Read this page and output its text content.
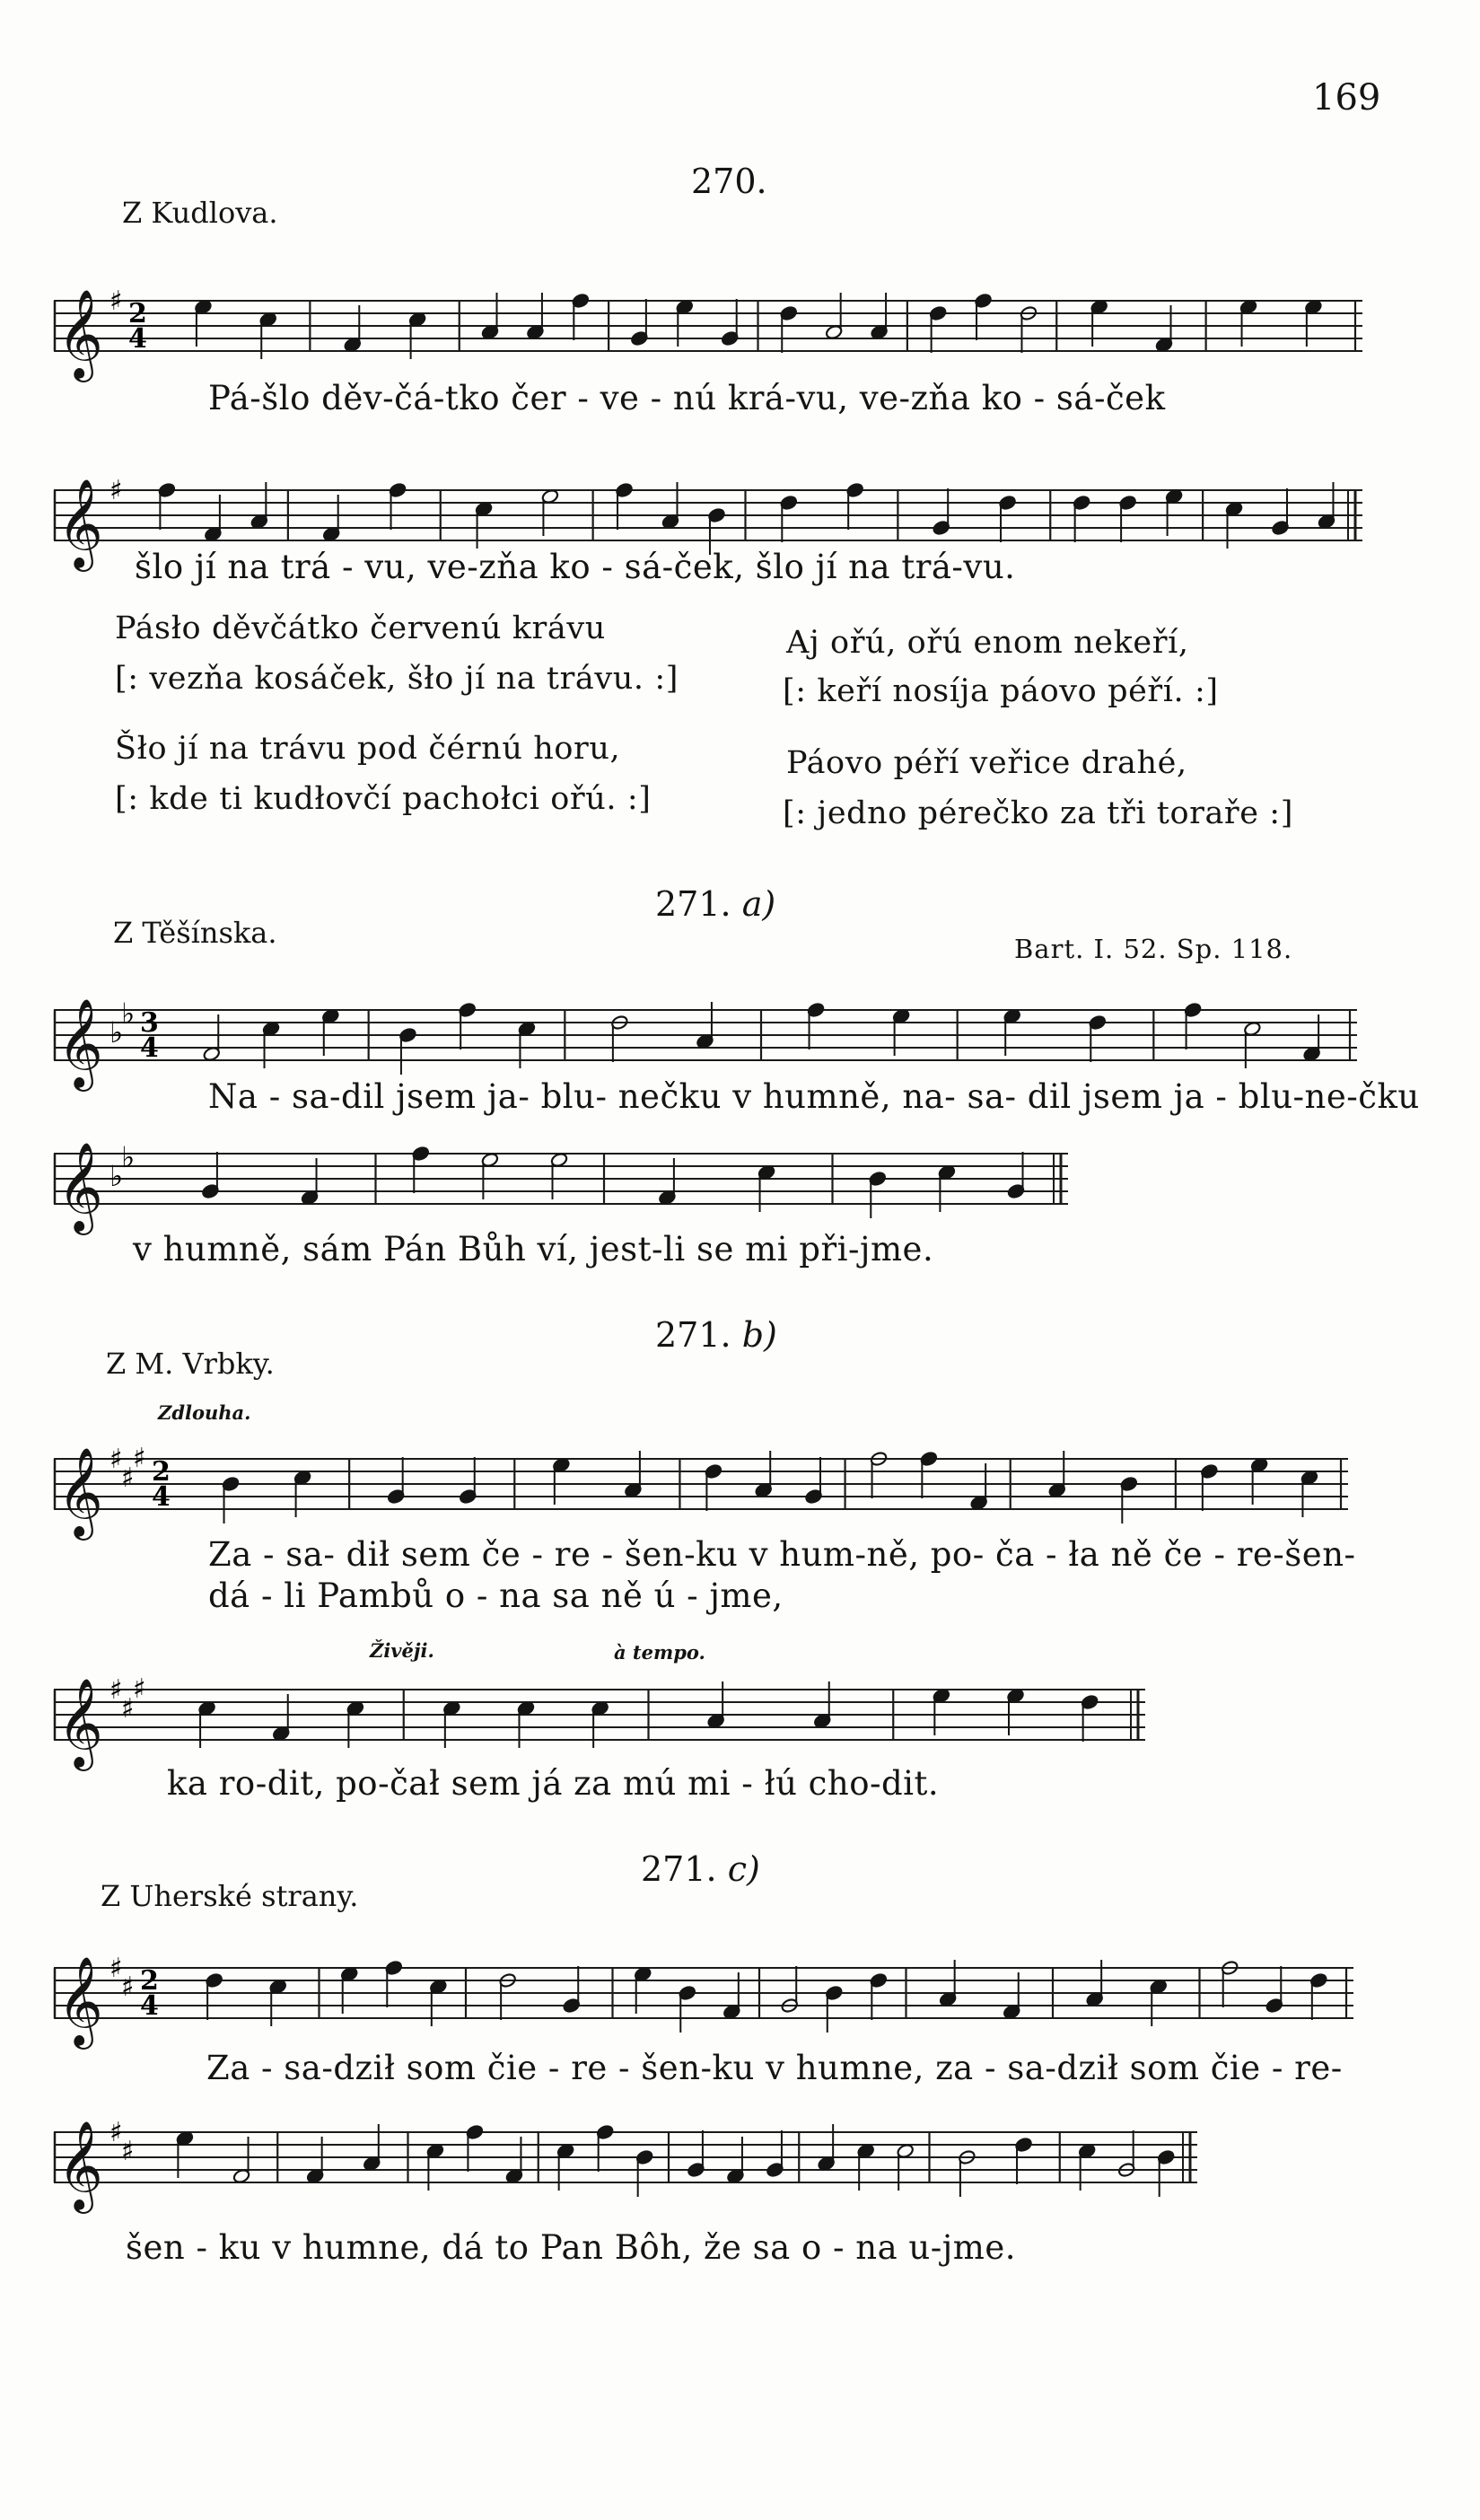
169
270.
Z Kudlova.
𝄞 ♯ 2
4
Pá-šlo děv-čá-tko čer - ve - nú krá-vu, ve-zňa ko - sá-ček
𝄞 ♯
šlo jí na trá - vu, ve-zňa ko - sá-ček, šlo jí na trá-vu.
Pásło děvčátko červenú krávu
[: vezňa kosáček, šło jí na trávu. :]
Šło jí na trávu pod čérnú horu,
[: kde ti kudłovčí pachołci ořú. :]
Aj ořú, ořú enom nekeří,
[: keří nosíja páovo péří. :]
Páovo péří veřice drahé,
[: jedno pérečko za tři toraře :]
271. a)
Z Těšínska.	Bart. I. 52. Sp. 118.
𝄞 ♭
♭ 3
4
Na - sa-dil jsem ja- blu- nečku v humně, na- sa- dil jsem ja - blu-ne-čku
𝄞 ♭
♭
v humně, sám Pán Bůh ví, jest-li se mi při-jme.
271. b)
Z M. Vrbky.
Zdlouha.
𝄞 ♯
♯
♯ 2
4
Za - sa- dił sem če - re - šen-ku v hum-ně, po- ča - ła ně če - re-šen-
dá - li Pambů o - na sa ně ú - jme,
Živěji.	à tempo.
𝄞 ♯
♯
♯
ka ro-dit, po-čał sem já za mú mi - łú cho-dit.
271. c)
Z Uherské strany.
𝄞 ♯
♯ 2
4
Za - sa-dził som čie - re - šen-ku v humne, za - sa-dził som čie - re-
𝄞 ♯
♯
šen - ku v humne, dá to Pan Bôh, že sa o - na u-jme.
